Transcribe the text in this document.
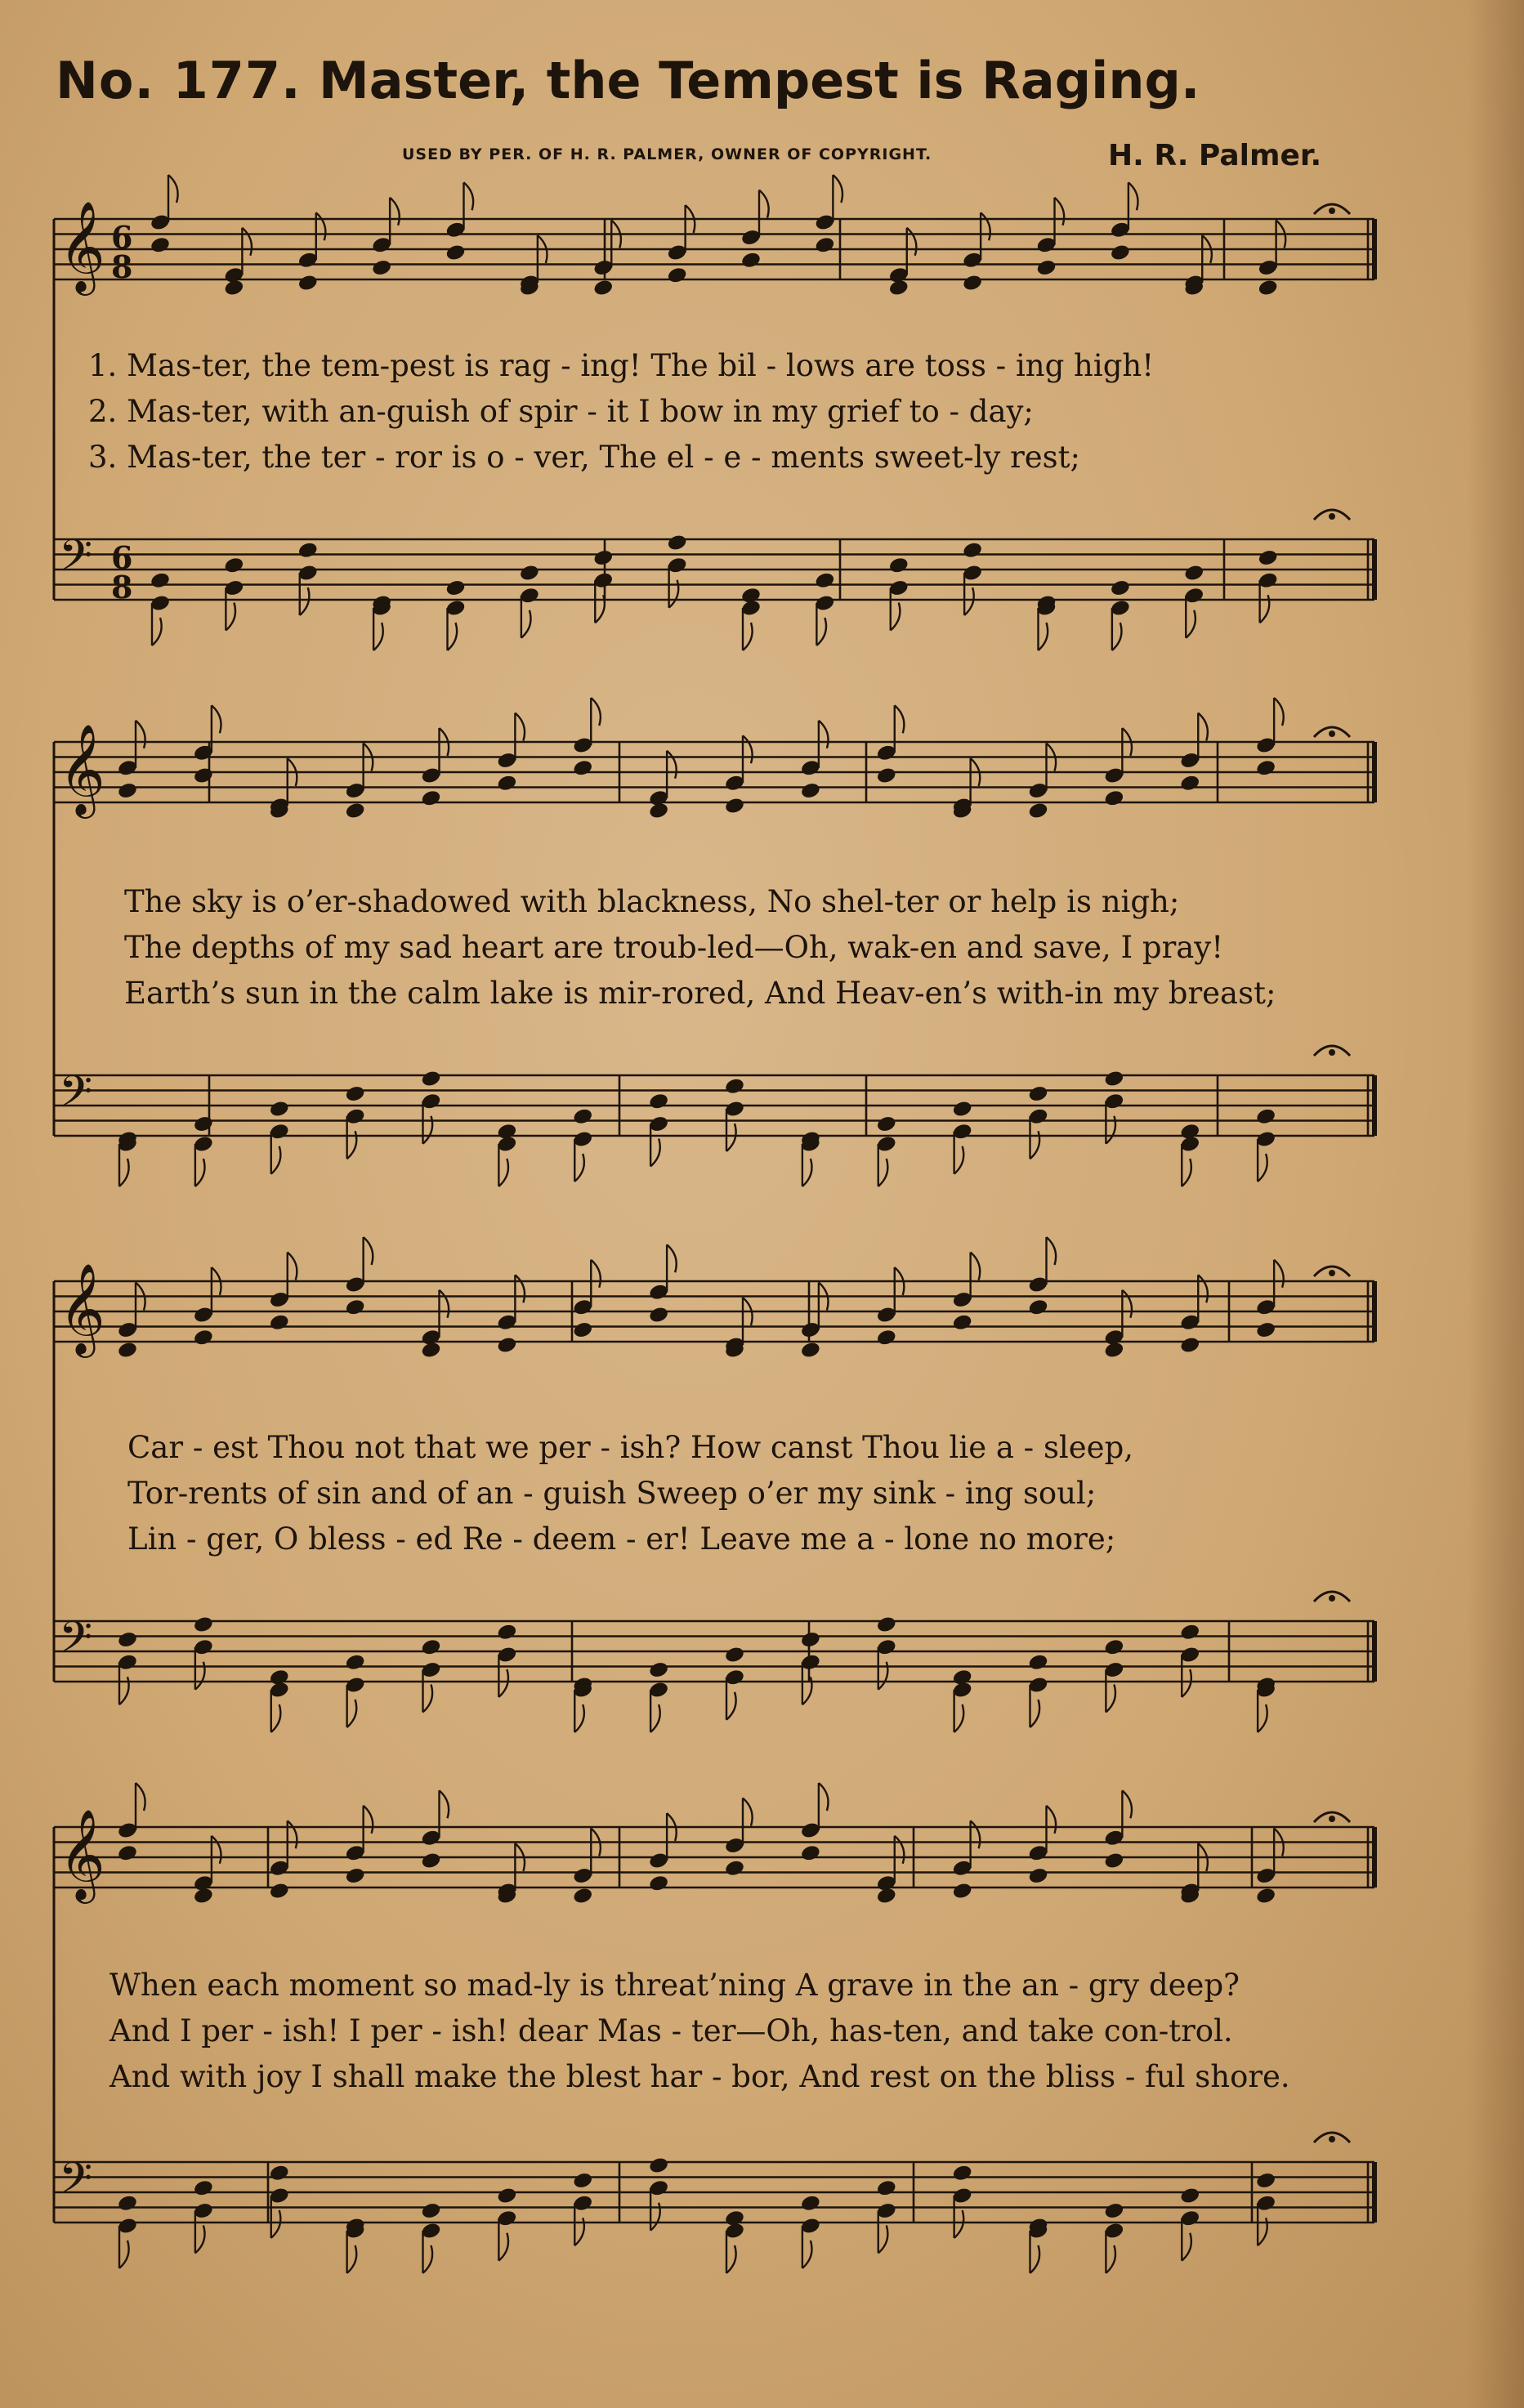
No. 177. Master, the Tempest is Raging.
USED BY PER. OF H. R. PALMER, OWNER OF COPYRIGHT.	H. R. Palmer.
𝄞 6
8
𝄢 6
8
𝄞
𝄢
𝄞
𝄢
𝄞
𝄢
1. Mas-ter, the tem-pest is rag - ing! The bil - lows are toss - ing high!
2. Mas-ter, with an-guish of spir - it I bow in my grief to - day;
3. Mas-ter, the ter - ror is o - ver, The el - e - ments sweet-ly rest;
The sky is o’er-shadowed with blackness, No shel-ter or help is nigh;
The depths of my sad heart are troub-led—Oh, wak-en and save, I pray!
Earth’s sun in the calm lake is mir-rored, And Heav-en’s with-in my breast;
Car - est Thou not that we per - ish? How canst Thou lie a - sleep,
Tor-rents of sin and of an - guish Sweep o’er my sink - ing soul;
Lin - ger, O bless - ed Re - deem - er! Leave me a - lone no more;
When each moment so mad-ly is threat’ning A grave in the an - gry deep?
And I per - ish! I per - ish! dear Mas - ter—Oh, has-ten, and take con-trol.
And with joy I shall make the blest har - bor, And rest on the bliss - ful shore.
